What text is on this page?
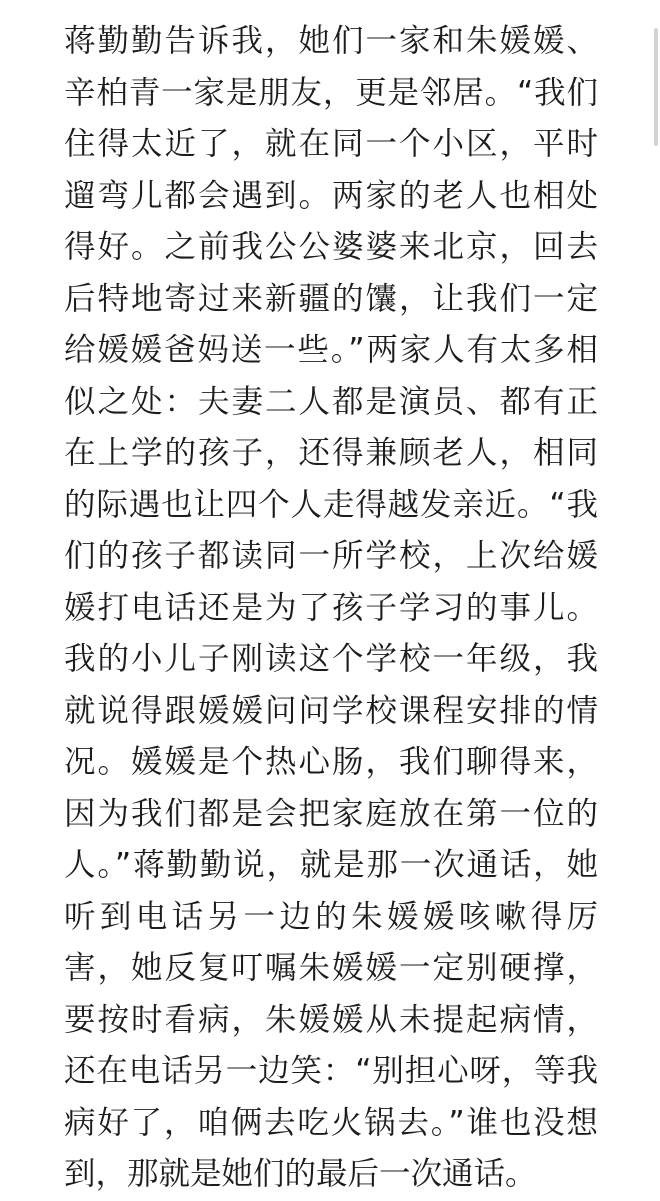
蒋勤勤告诉我，她们一家和朱媛媛、辛柏青一家是朋友，更是邻居。“我们住得太近了，就在同一个小区，平时遛弯儿都会遇到。两家的老人也相处得好。之前我公公婆婆来北京，回去后特地寄过来新疆的馕，让我们一定给媛媛爸妈送一些。”两家人有太多相似之处：夫妻二人都是演员、都有正在上学的孩子，还得兼顾老人，相同的际遇也让四个人走得越发亲近。“我们的孩子都读同一所学校，上次给媛媛打电话还是为了孩子学习的事儿。我的小儿子刚读这个学校一年级，我就说得跟媛媛问问学校课程安排的情况。媛媛是个热心肠，我们聊得来，因为我们都是会把家庭放在第一位的人。”蒋勤勤说，就是那一次通话，她听到电话另一边的朱媛媛咳嗽得厉害，她反复叮嘱朱媛媛一定别硬撑，要按时看病，朱媛媛从未提起病情，还在电话另一边笑：“别担心呀，等我病好了，咱俩去吃火锅去。”谁也没想到，那就是她们的最后一次通话。
